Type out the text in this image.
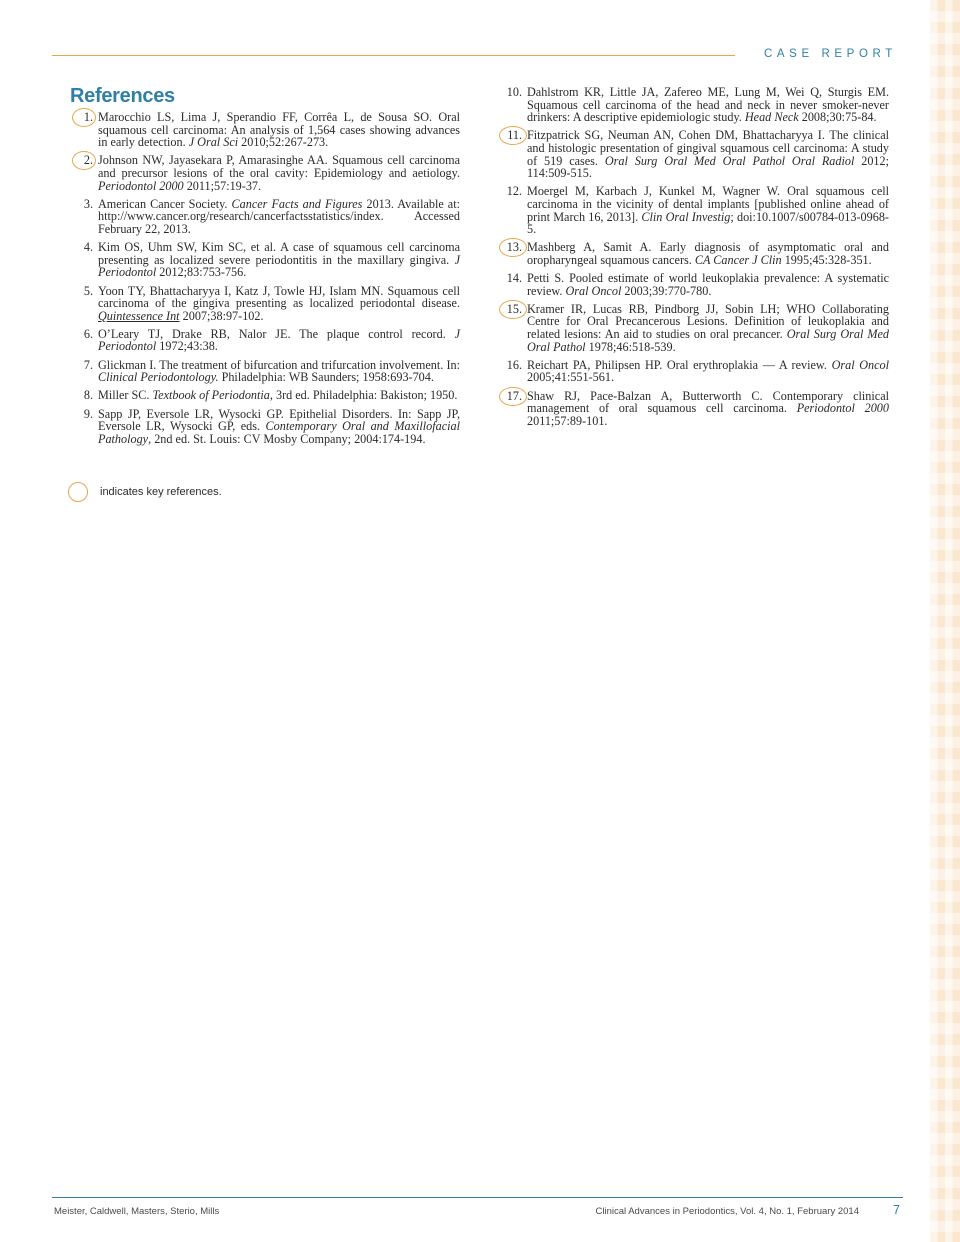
CASE REPORT
References
1. Marocchio LS, Lima J, Sperandio FF, Corrêa L, de Sousa SO. Oral squamous cell carcinoma: An analysis of 1,564 cases showing advances in early detection. J Oral Sci 2010;52:267-273.
2. Johnson NW, Jayasekara P, Amarasinghe AA. Squamous cell carcinoma and precursor lesions of the oral cavity: Epidemiology and aetiology. Periodontol 2000 2011;57:19-37.
3. American Cancer Society. Cancer Facts and Figures 2013. Available at: http://www.cancer.org/research/cancerfactsstatistics/index. Accessed February 22, 2013.
4. Kim OS, Uhm SW, Kim SC, et al. A case of squamous cell carcinoma presenting as localized severe periodontitis in the maxillary gingiva. J Periodontol 2012;83:753-756.
5. Yoon TY, Bhattacharyya I, Katz J, Towle HJ, Islam MN. Squamous cell carcinoma of the gingiva presenting as localized periodontal disease. Quintessence Int 2007;38:97-102.
6. O’Leary TJ, Drake RB, Nalor JE. The plaque control record. J Periodontol 1972;43:38.
7. Glickman I. The treatment of bifurcation and trifurcation involvement. In: Clinical Periodontology. Philadelphia: WB Saunders; 1958:693-704.
8. Miller SC. Textbook of Periodontia, 3rd ed. Philadelphia: Bakiston; 1950.
9. Sapp JP, Eversole LR, Wysocki GP. Epithelial Disorders. In: Sapp JP, Eversole LR, Wysocki GP, eds. Contemporary Oral and Maxillofacial Pathology, 2nd ed. St. Louis: CV Mosby Company; 2004:174-194.
10. Dahlstrom KR, Little JA, Zafereo ME, Lung M, Wei Q, Sturgis EM. Squamous cell carcinoma of the head and neck in never smoker-never drinkers: A descriptive epidemiologic study. Head Neck 2008;30:75-84.
11. Fitzpatrick SG, Neuman AN, Cohen DM, Bhattacharyya I. The clinical and histologic presentation of gingival squamous cell carcinoma: A study of 519 cases. Oral Surg Oral Med Oral Pathol Oral Radiol 2012; 114:509-515.
12. Moergel M, Karbach J, Kunkel M, Wagner W. Oral squamous cell carcinoma in the vicinity of dental implants [published online ahead of print March 16, 2013]. Clin Oral Investig; doi:10.1007/s00784-013-0968-5.
13. Mashberg A, Samit A. Early diagnosis of asymptomatic oral and oropharyngeal squamous cancers. CA Cancer J Clin 1995;45:328-351.
14. Petti S. Pooled estimate of world leukoplakia prevalence: A systematic review. Oral Oncol 2003;39:770-780.
15. Kramer IR, Lucas RB, Pindborg JJ, Sobin LH; WHO Collaborating Centre for Oral Precancerous Lesions. Definition of leukoplakia and related lesions: An aid to studies on oral precancer. Oral Surg Oral Med Oral Pathol 1978;46:518-539.
16. Reichart PA, Philipsen HP. Oral erythroplakia — A review. Oral Oncol 2005;41:551-561.
17. Shaw RJ, Pace-Balzan A, Butterworth C. Contemporary clinical management of oral squamous cell carcinoma. Periodontol 2000 2011;57:89-101.
indicates key references.
Meister, Caldwell, Masters, Sterio, Mills	Clinical Advances in Periodontics, Vol. 4, No. 1, February 2014	7
